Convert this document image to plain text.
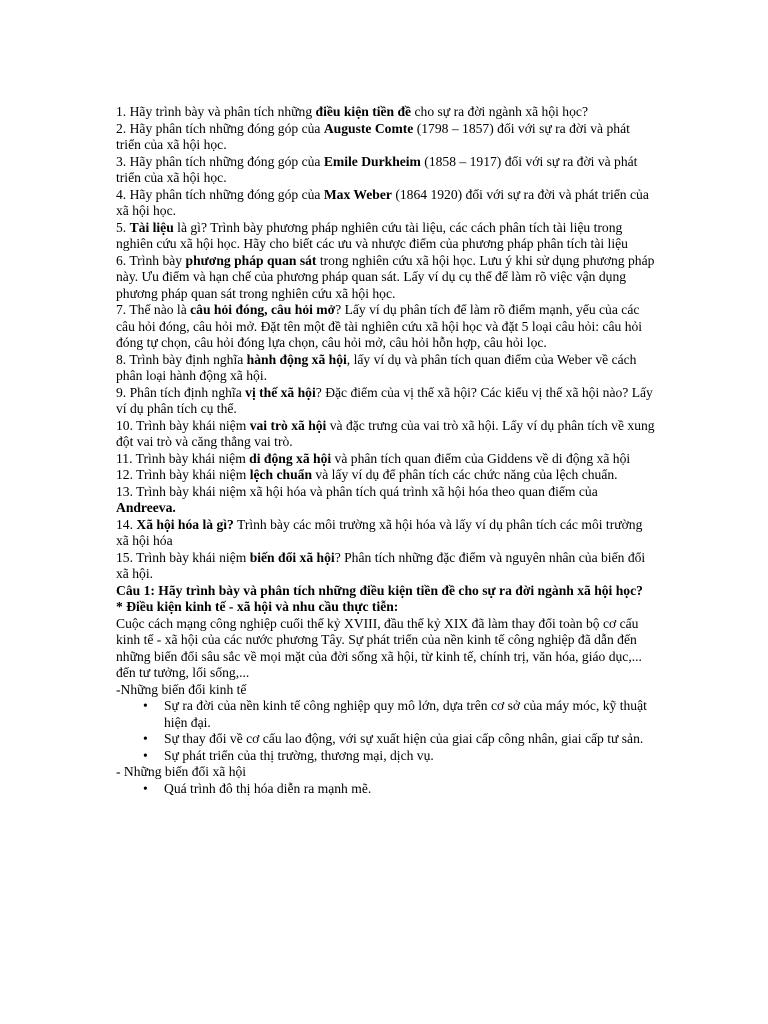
1. Hãy trình bày và phân tích những điều kiện tiền đề cho sự ra đời ngành xã hội học?

2. Hãy phân tích những đóng góp của Auguste Comte (1798 – 1857) đối với sự ra đời và phát triển của xã hội học.

3. Hãy phân tích những đóng góp của Emile Durkheim (1858 – 1917) đối với sự ra đời và phát triển của xã hội học.

4. Hãy phân tích những đóng góp của Max Weber (1864 1920) đối với sự ra đời và phát triển của xã hội học.

5. Tài liệu là gì? Trình bày phương pháp nghiên cứu tài liệu, các cách phân tích tài liệu trong nghiên cứu xã hội học. Hãy cho biết các ưu và nhược điểm của phương pháp phân tích tài liệu

6. Trình bày phương pháp quan sát trong nghiên cứu xã hội học. Lưu ý khi sử dụng phương pháp này. Ưu điểm và hạn chế của phương pháp quan sát. Lấy ví dụ cụ thể để làm rõ việc vận dụng phương pháp quan sát trong nghiên cứu xã hội học.

7. Thế nào là câu hỏi đóng, câu hỏi mở? Lấy ví dụ phân tích để làm rõ điểm mạnh, yếu của các câu hỏi đóng, câu hỏi mở. Đặt tên một đề tài nghiên cứu xã hội học và đặt 5 loại câu hỏi: câu hỏi đóng tự chọn, câu hỏi đóng lựa chọn, câu hỏi mở, câu hỏi hỗn hợp, câu hỏi lọc.

8. Trình bày định nghĩa hành động xã hội, lấy ví dụ và phân tích quan điểm của Weber về cách phân loại hành động xã hội.

9. Phân tích định nghĩa vị thế xã hội? Đặc điểm của vị thế xã hội? Các kiểu vị thế xã hội nào? Lấy ví dụ phân tích cụ thể.

10. Trình bày khái niệm vai trò xã hội và đặc trưng của vai trò xã hội. Lấy ví dụ phân tích về xung đột vai trò và căng thẳng vai trò.

11. Trình bày khái niệm di động xã hội và phân tích quan điểm của Giddens về di động xã hội

12. Trình bày khái niệm lệch chuẩn và lấy ví dụ để phân tích các chức năng của lệch chuẩn.

13. Trình bày khái niệm xã hội hóa và phân tích quá trình xã hội hóa theo quan điểm của Andreeva.

14. Xã hội hóa là gì? Trình bày các môi trường xã hội hóa và lấy ví dụ phân tích các môi trường xã hội hóa

15. Trình bày khái niệm biến đổi xã hội? Phân tích những đặc điểm và nguyên nhân của biến đổi xã hội.

Câu 1: Hãy trình bày và phân tích những điều kiện tiền đề cho sự ra đời ngành xã hội học?

* Điều kiện kinh tế - xã hội và nhu cầu thực tiễn:

Cuộc cách mạng công nghiệp cuối thế kỷ XVIII, đầu thế kỷ XIX đã làm thay đổi toàn bộ cơ cấu kinh tế - xã hội của các nước phương Tây. Sự phát triển của nền kinh tế công nghiệp đã dẫn đến những biến đổi sâu sắc về mọi mặt của đời sống xã hội, từ kinh tế, chính trị, văn hóa, giáo dục,... đến tư tưởng, lối sống,...

-Những biến đổi kinh tế

• Sự ra đời của nền kinh tế công nghiệp quy mô lớn, dựa trên cơ sở của máy móc, kỹ thuật hiện đại.
• Sự thay đổi về cơ cấu lao động, với sự xuất hiện của giai cấp công nhân, giai cấp tư sản.
• Sự phát triển của thị trường, thương mại, dịch vụ.

- Những biến đổi xã hội

• Quá trình đô thị hóa diễn ra mạnh mẽ.
